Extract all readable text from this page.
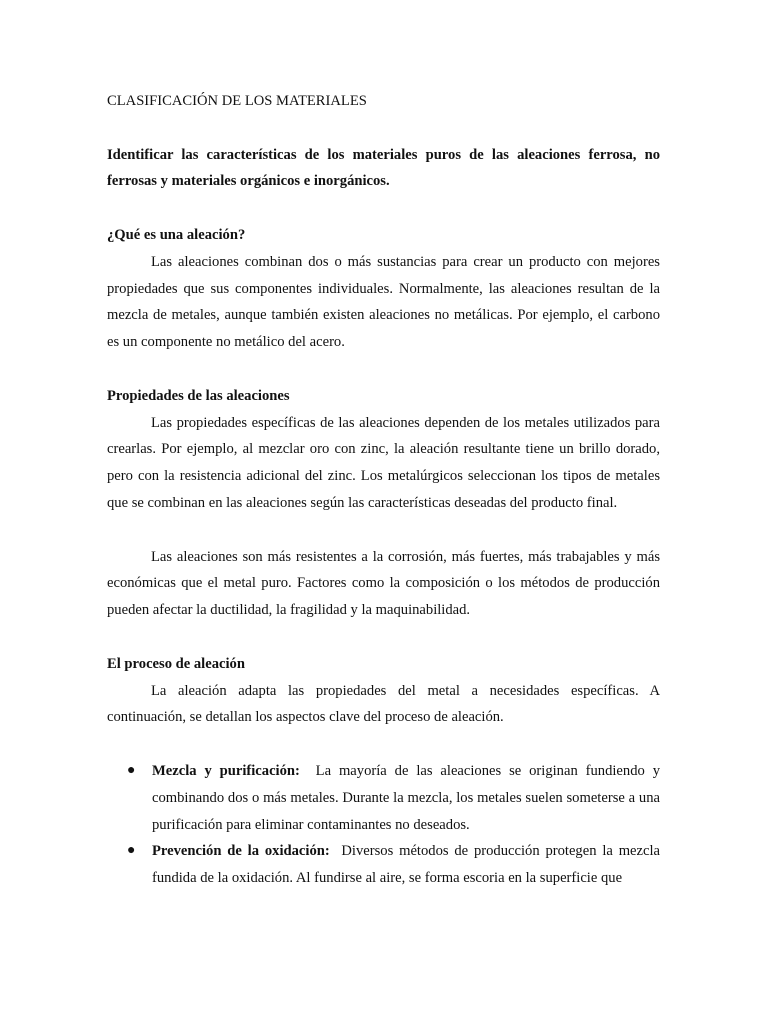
CLASIFICACIÓN DE LOS MATERIALES

Identificar las características de los materiales puros de las aleaciones ferrosa, no ferrosas y materiales orgánicos e inorgánicos.

¿Qué es una aleación?

Las aleaciones combinan dos o más sustancias para crear un producto con mejores propiedades que sus componentes individuales. Normalmente, las aleaciones resultan de la mezcla de metales, aunque también existen aleaciones no metálicas. Por ejemplo, el carbono es un componente no metálico del acero.

Propiedades de las aleaciones

Las propiedades específicas de las aleaciones dependen de los metales utilizados para crearlas. Por ejemplo, al mezclar oro con zinc, la aleación resultante tiene un brillo dorado, pero con la resistencia adicional del zinc. Los metalúrgicos seleccionan los tipos de metales que se combinan en las aleaciones según las características deseadas del producto final.

Las aleaciones son más resistentes a la corrosión, más fuertes, más trabajables y más económicas que el metal puro. Factores como la composición o los métodos de producción pueden afectar la ductilidad, la fragilidad y la maquinabilidad.

El proceso de aleación

La aleación adapta las propiedades del metal a necesidades específicas. A continuación, se detallan los aspectos clave del proceso de aleación.

● Mezcla y purificación: La mayoría de las aleaciones se originan fundiendo y combinando dos o más metales. Durante la mezcla, los metales suelen someterse a una purificación para eliminar contaminantes no deseados.
● Prevención de la oxidación: Diversos métodos de producción protegen la mezcla fundida de la oxidación. Al fundirse al aire, se forma escoria en la superficie que
